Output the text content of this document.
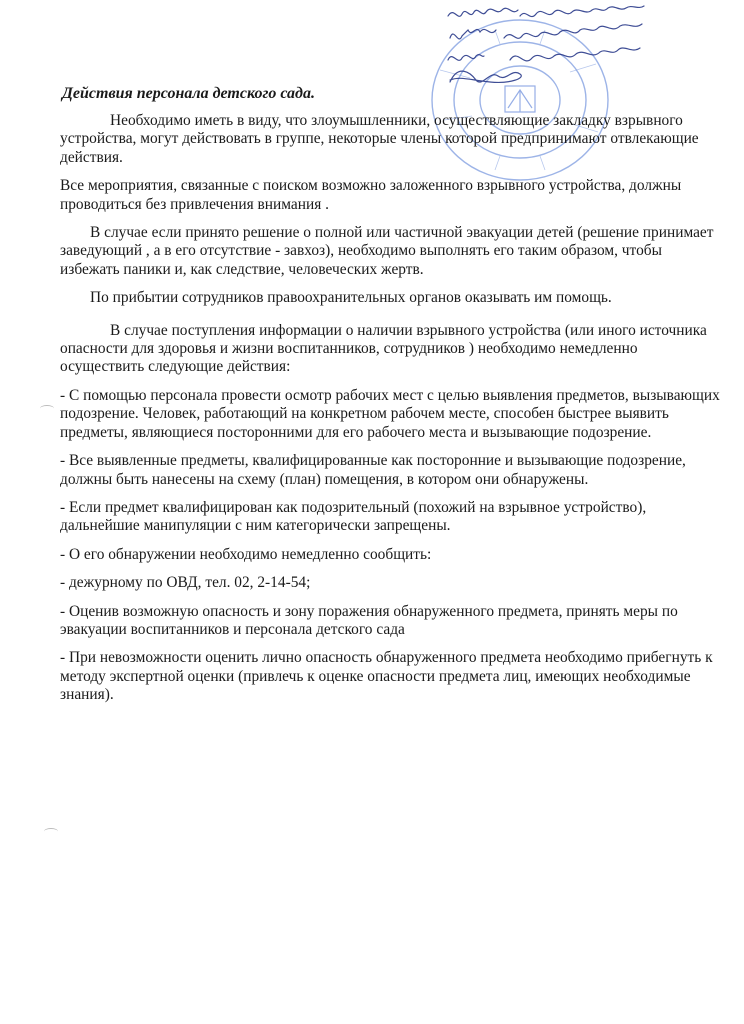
Действия персонала детского сада.

Необходимо иметь в виду, что злоумышленники, осуществляющие закладку взрывного устройства, могут действовать в группе, некоторые члены которой предпринимают отвлекающие действия.

Все мероприятия, связанные с поиском возможно заложенного взрывного устройства, должны проводиться без привлечения внимания .

В случае если принято решение о полной или частичной эвакуации детей (решение принимает заведующий , а в его отсутствие - завхоз), необходимо выполнять его таким образом, чтобы избежать паники и, как следствие, человеческих жертв.

По прибытии сотрудников правоохранительных органов оказывать им помощь.

В случае поступления информации о наличии взрывного устройства (или иного источника опасности для здоровья и жизни воспитанников, сотрудников ) необходимо немедленно осуществить следующие действия:

- С помощью персонала провести осмотр рабочих мест с целью выявления предметов, вызывающих подозрение. Человек, работающий на конкретном рабочем месте, способен быстрее выявить предметы, являющиеся посторонними для его рабочего места и вызывающие подозрение.

- Все выявленные предметы, квалифицированные как посторонние и вызывающие подозрение, должны быть нанесены на схему (план) помещения, в котором они обнаружены.

- Если предмет квалифицирован как подозрительный (похожий на взрывное устройство), дальнейшие манипуляции с ним категорически запрещены.

- О его обнаружении необходимо немедленно сообщить:

- дежурному по ОВД, тел. 02, 2-14-54;

- Оценив возможную опасность и зону поражения обнаруженного предмета, принять меры по эвакуации воспитанников и персонала детского сада

- При невозможности оценить лично опасность обнаруженного предмета необходимо прибегнуть к методу экспертной оценки (привлечь к оценке опасности предмета лиц, имеющих необходимые знания).
